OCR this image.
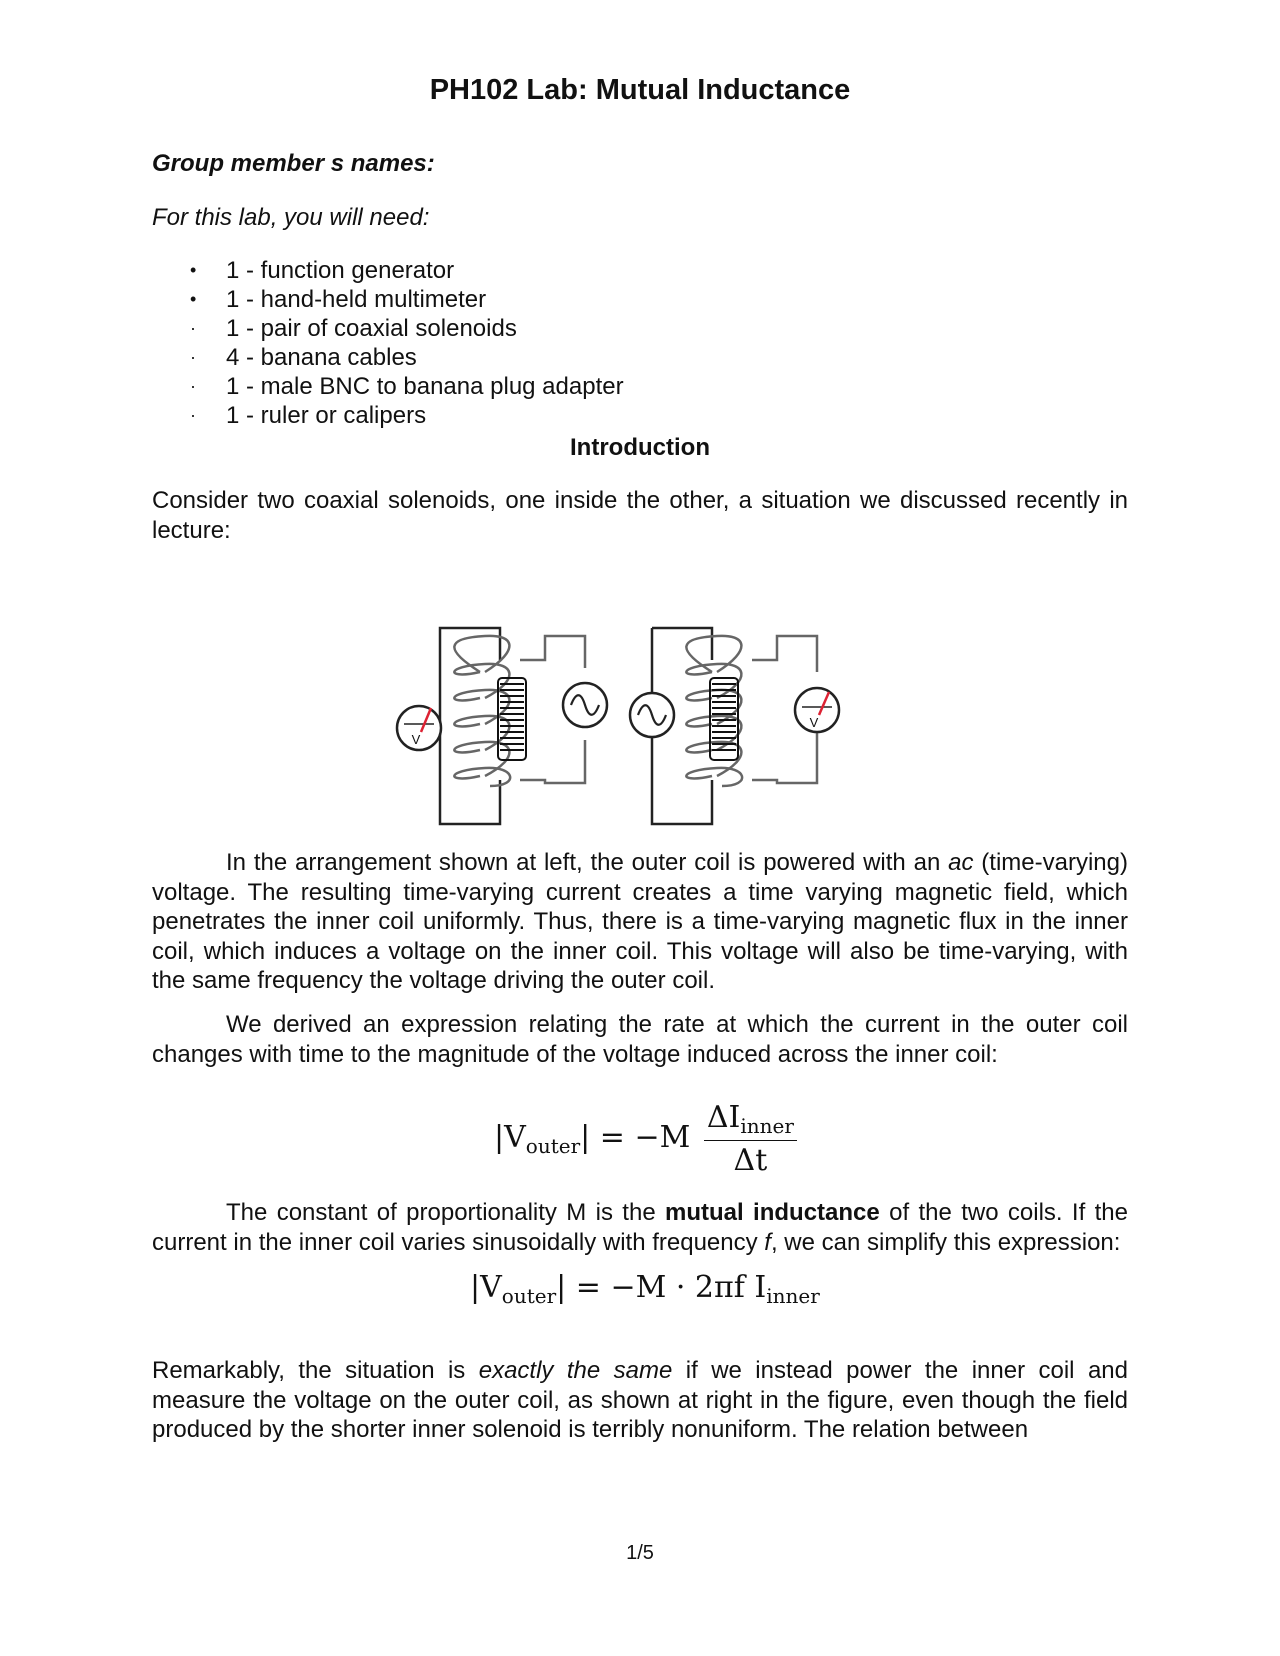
PH102 Lab: Mutual Inductance
Group member s names:
For this lab, you will need:
• 1 - function generator
• 1 - hand-held multimeter
· 1 - pair of coaxial solenoids
· 4 - banana cables
· 1 - male BNC to banana plug adapter
· 1 - ruler or calipers
Introduction
Consider two coaxial solenoids, one inside the other, a situation we discussed recently in lecture:
V
V
In the arrangement shown at left, the outer coil is powered with an ac (time-varying) voltage. The resulting time-varying current creates a time varying magnetic field, which penetrates the inner coil uniformly. Thus, there is a time-varying magnetic flux in the inner coil, which induces a voltage on the inner coil. This voltage will also be time-varying, with the same frequency the voltage driving the outer coil.
We derived an expression relating the rate at which the current in the outer coil changes with time to the magnitude of the voltage induced across the inner coil:
$|V_{outer}| = -M \frac{\Delta I_{inner}}{\Delta t}$
The constant of proportionality M is the mutual inductance of the two coils. If the current in the inner coil varies sinusoidally with frequency f, we can simplify this expression:
$|V_{outer}| = -M \cdot 2\pi f$ $I_{inner}$
Remarkably, the situation is exactly the same if we instead power the inner coil and measure the voltage on the outer coil, as shown at right in the figure, even though the field produced by the shorter inner solenoid is terribly nonuniform. The relation between
1/5
